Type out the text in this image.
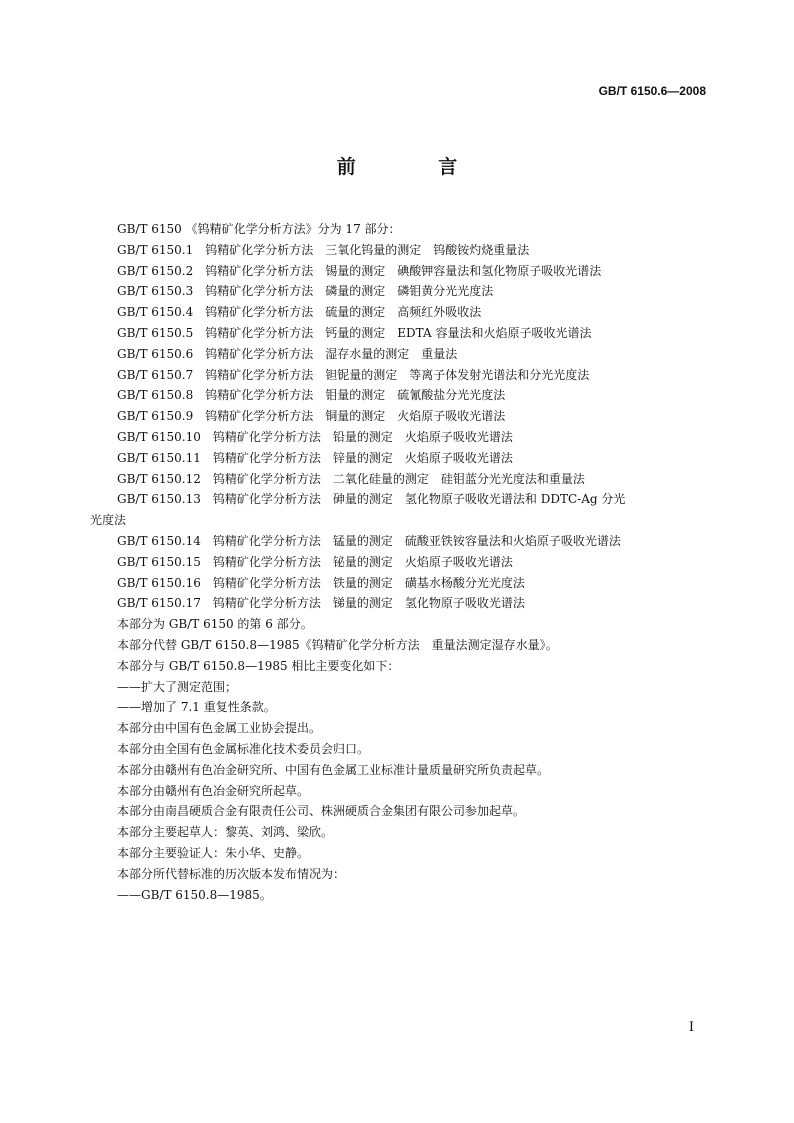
GB/T 6150.6—2008
前 言
GB/T 6150 《钨精矿化学分析方法》分为 17 部分：
GB/T 6150.1　钨精矿化学分析方法　三氧化钨量的测定　钨酸铵灼烧重量法
GB/T 6150.2　钨精矿化学分析方法　锡量的测定　碘酸钾容量法和氢化物原子吸收光谱法
GB/T 6150.3　钨精矿化学分析方法　磷量的测定　磷钼黄分光光度法
GB/T 6150.4　钨精矿化学分析方法　硫量的测定　高频红外吸收法
GB/T 6150.5　钨精矿化学分析方法　钙量的测定　EDTA 容量法和火焰原子吸收光谱法
GB/T 6150.6　钨精矿化学分析方法　湿存水量的测定　重量法
GB/T 6150.7　钨精矿化学分析方法　钽铌量的测定　等离子体发射光谱法和分光光度法
GB/T 6150.8　钨精矿化学分析方法　钼量的测定　硫氰酸盐分光光度法
GB/T 6150.9　钨精矿化学分析方法　铜量的测定　火焰原子吸收光谱法
GB/T 6150.10　钨精矿化学分析方法　铅量的测定　火焰原子吸收光谱法
GB/T 6150.11　钨精矿化学分析方法　锌量的测定　火焰原子吸收光谱法
GB/T 6150.12　钨精矿化学分析方法　二氧化硅量的测定　硅钼蓝分光光度法和重量法
GB/T 6150.13　钨精矿化学分析方法　砷量的测定　氢化物原子吸收光谱法和 DDTC-Ag 分光
光度法
GB/T 6150.14　钨精矿化学分析方法　锰量的测定　硫酸亚铁铵容量法和火焰原子吸收光谱法
GB/T 6150.15　钨精矿化学分析方法　铋量的测定　火焰原子吸收光谱法
GB/T 6150.16　钨精矿化学分析方法　铁量的测定　磺基水杨酸分光光度法
GB/T 6150.17　钨精矿化学分析方法　锑量的测定　氢化物原子吸收光谱法
本部分为 GB/T 6150 的第 6 部分。
本部分代替 GB/T 6150.8—1985《钨精矿化学分析方法　重量法测定湿存水量》。
本部分与 GB/T 6150.8—1985 相比主要变化如下：
——扩大了测定范围；
——增加了 7.1 重复性条款。
本部分由中国有色金属工业协会提出。
本部分由全国有色金属标准化技术委员会归口。
本部分由赣州有色冶金研究所、中国有色金属工业标准计量质量研究所负责起草。
本部分由赣州有色冶金研究所起草。
本部分由南昌硬质合金有限责任公司、株洲硬质合金集团有限公司参加起草。
本部分主要起草人：黎英、刘鸿、梁欣。
本部分主要验证人：朱小华、史静。
本部分所代替标准的历次版本发布情况为：
——GB/T 6150.8—1985。
I
